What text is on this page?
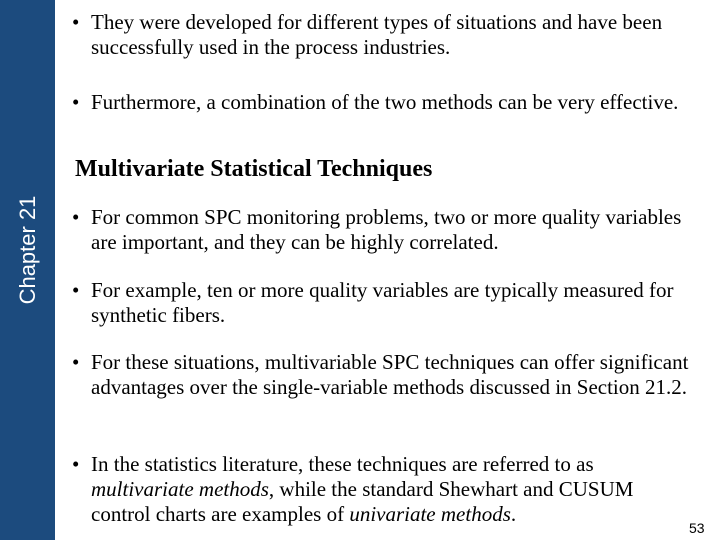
Chapter 21
• They were developed for different types of situations and have been successfully used in the process industries.
• Furthermore, a combination of the two methods can be very effective.
Multivariate Statistical Techniques
• For common SPC monitoring problems, two or more quality variables are important, and they can be highly correlated.
• For example, ten or more quality variables are typically measured for synthetic fibers.
• For these situations, multivariable SPC techniques can offer significant advantages over the single-variable methods discussed in Section 21.2.
• In the statistics literature, these techniques are referred to as multivariate methods, while the standard Shewhart and CUSUM control charts are examples of univariate methods.
53
